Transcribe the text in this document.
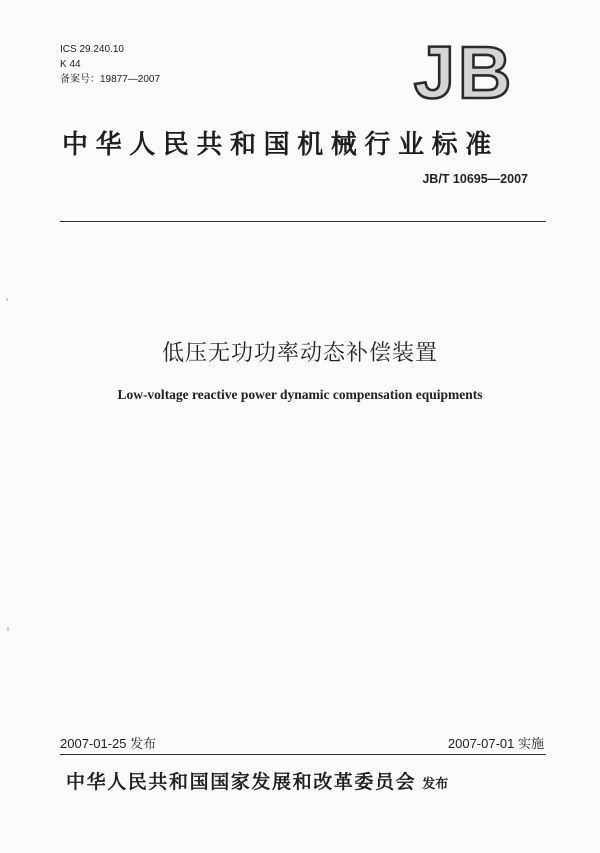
ICS 29.240.10
K 44
备案号：19877—2007	JB
中华人民共和国机械行业标准
JB/T 10695—2007
低压无功功率动态补偿装置
Low-voltage reactive power dynamic compensation equipments
2007-01-25 发布	2007-07-01 实施
中华人民共和国国家发展和改革委员会 发布
